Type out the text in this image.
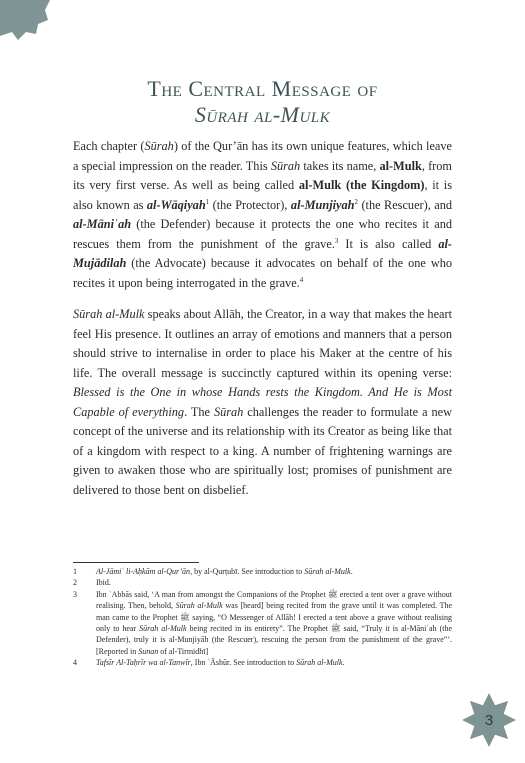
The Central Message of
Sūrah al-Mulk

Each chapter (Sūrah) of the Qur’ān has its own unique features, which leave a special impression on the reader. This Sūrah takes its name, al-Mulk, from its very first verse. As well as being called al-Mulk (the Kingdom), it is also known as al-Wāqiyah$^1$ (the Protector), al-Munjiyah$^2$ (the Rescuer), and al-Māniʿah (the Defender) because it protects the one who recites it and rescues them from the punishment of the grave.$^3$ It is also called al-Mujādilah (the Advocate) because it advocates on behalf of the one who recites it upon being interrogated in the grave.$^4$

Sūrah al-Mulk speaks about Allāh, the Creator, in a way that makes the heart feel His presence. It outlines an array of emotions and manners that a person should strive to internalise in order to place his Maker at the centre of his life. The overall message is succinctly captured within its opening verse: Blessed is the One in whose Hands rests the Kingdom. And He is Most Capable of everything. The Sūrah challenges the reader to formulate a new concept of the universe and its relationship with its Creator as being like that of a kingdom with respect to a king. A number of frightening warnings are given to awaken those who are spiritually lost; promises of punishment are delivered to those bent on disbelief.

1	Al-Jāmiʿ li-Aḥkām al-Qur’ān, by al-Qurṭubī. See introduction to Sūrah al-Mulk.
2	Ibid.
3	Ibn ʿAbbās said, ‘A man from amongst the Companions of the Prophet ﷺ erected a tent over a grave without realising. Then, behold, Sūrah al-Mulk was [heard] being recited from the grave until it was completed. The man came to the Prophet ﷺ saying, “O Messenger of Allāh! I erected a tent above a grave without realising only to hear Sūrah al-Mulk being recited in its entirety”. The Prophet ﷺ said, “Truly it is al-Māniʿah (the Defender), truly it is al-Munjiyāh (the Rescuer), rescuing the person from the punishment of the grave”’. [Reported in Sunan of al-Tirmidhī]
4	Tafsīr Al-Taḥrīr wa al-Tanwīr, Ibn ʿĀshūr. See introduction to Sūrah al-Mulk.
3
